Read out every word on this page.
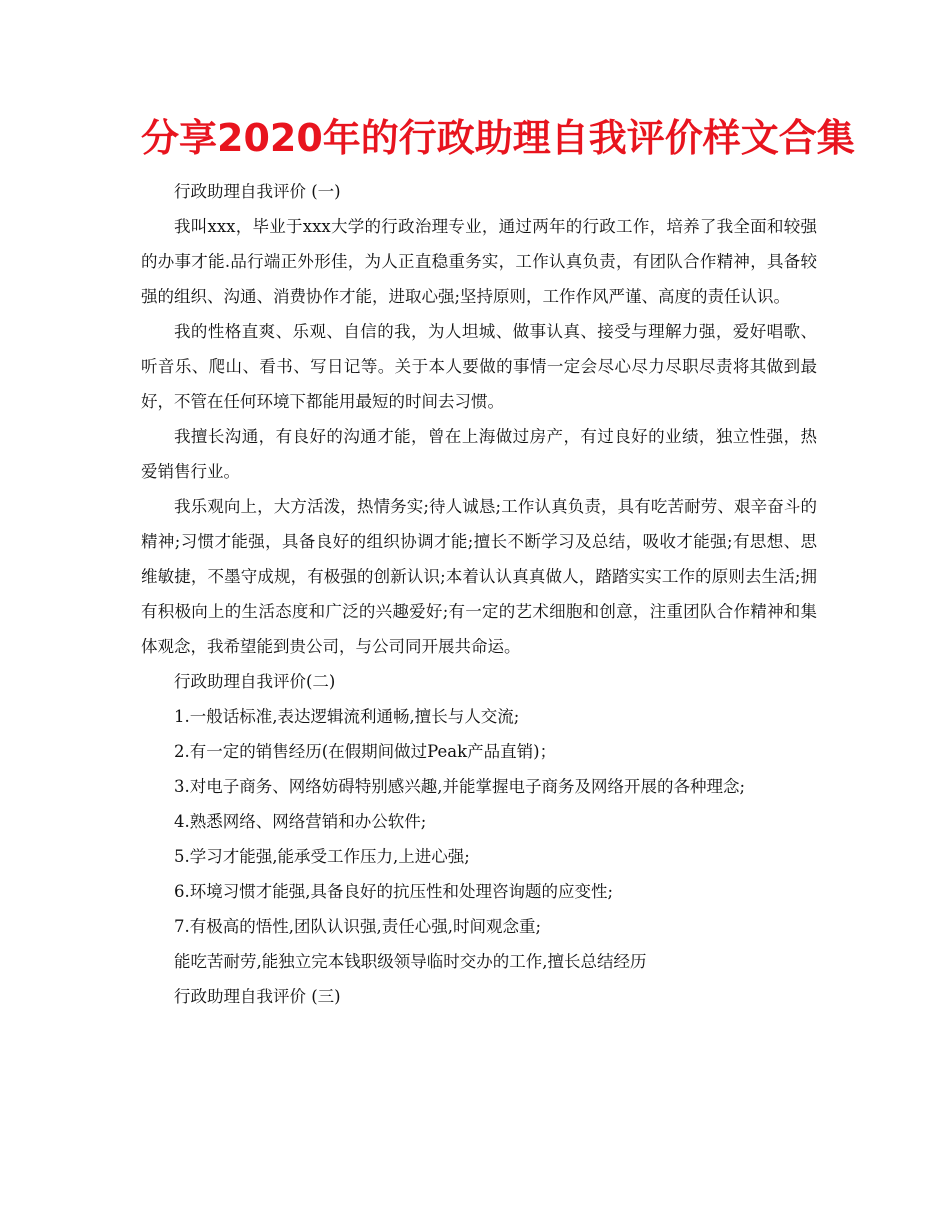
分享2020年的行政助理自我评价样文合集

行政助理自我评价 (一)

我叫xxx，毕业于xxx大学的行政治理专业，通过两年的行政工作，培养了我全面和较强的办事才能.品行端正外形佳，为人正直稳重务实，工作认真负责，有团队合作精神，具备较强的组织、沟通、消费协作才能，进取心强;坚持原则，工作作风严谨、高度的责任认识。

我的性格直爽、乐观、自信的我，为人坦城、做事认真、接受与理解力强，爱好唱歌、听音乐、爬山、看书、写日记等。关于本人要做的事情一定会尽心尽力尽职尽责将其做到最好，不管在任何环境下都能用最短的时间去习惯。

我擅长沟通，有良好的沟通才能，曾在上海做过房产，有过良好的业绩，独立性强，热爱销售行业。

我乐观向上，大方活泼，热情务实;待人诚恳;工作认真负责，具有吃苦耐劳、艰辛奋斗的精神;习惯才能强，具备良好的组织协调才能;擅长不断学习及总结，吸收才能强;有思想、思维敏捷，不墨守成规，有极强的创新认识;本着认认真真做人，踏踏实实工作的原则去生活;拥有积极向上的生活态度和广泛的兴趣爱好;有一定的艺术细胞和创意，注重团队合作精神和集体观念，我希望能到贵公司，与公司同开展共命运。

行政助理自我评价(二)

1.一般话标准,表达逻辑流利通畅,擅长与人交流;

2.有一定的销售经历(在假期间做过Peak产品直销)；

3.对电子商务、网络妨碍特别感兴趣,并能掌握电子商务及网络开展的各种理念;

4.熟悉网络、网络营销和办公软件;

5.学习才能强,能承受工作压力,上进心强;

6.环境习惯才能强,具备良好的抗压性和处理咨询题的应变性;

7.有极高的悟性,团队认识强,责任心强,时间观念重;

能吃苦耐劳,能独立完本钱职级领导临时交办的工作,擅长总结经历

行政助理自我评价 (三)
